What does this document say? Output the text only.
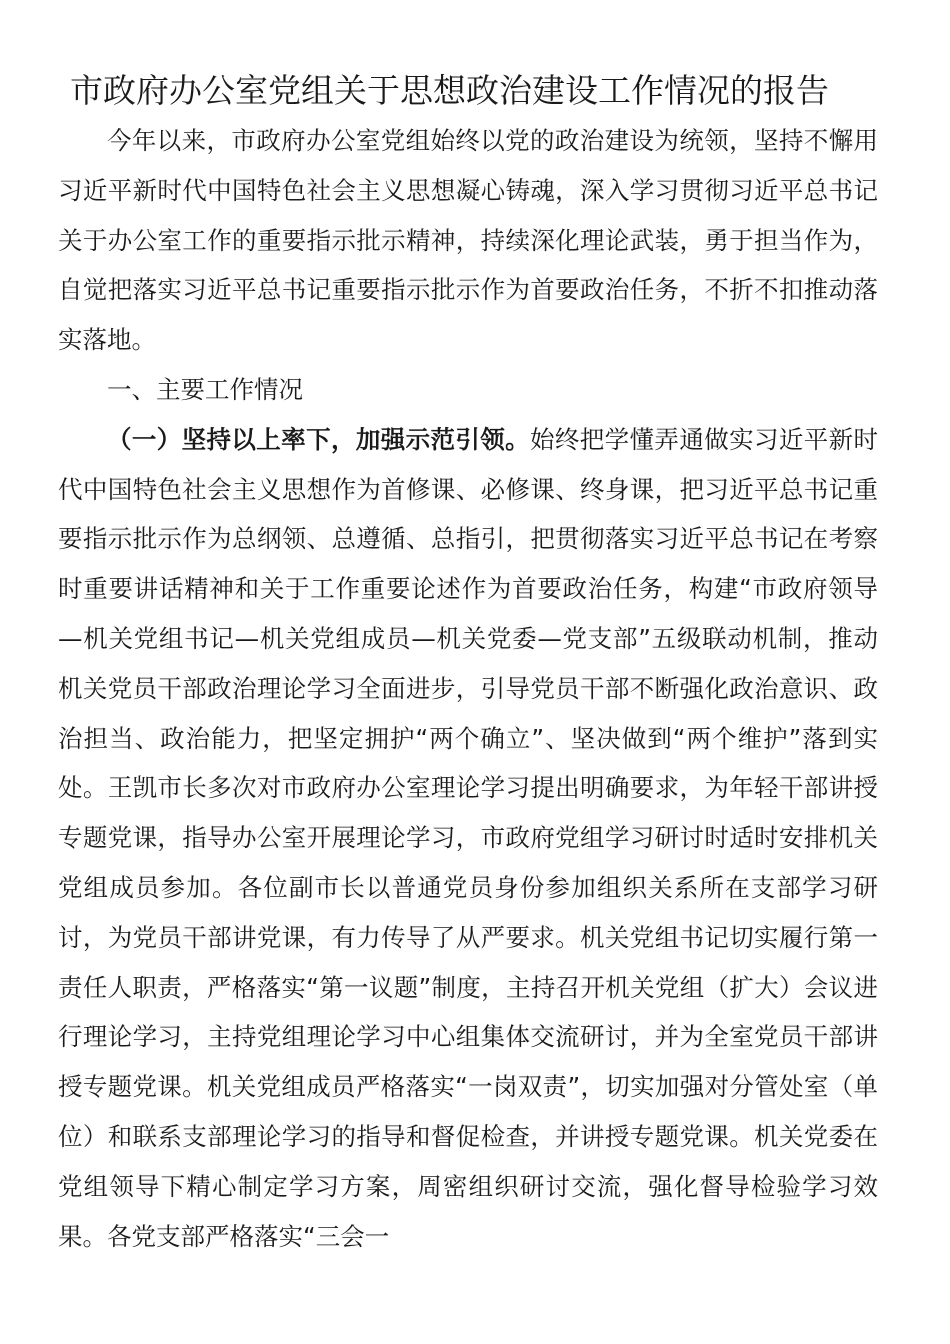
市政府办公室党组关于思想政治建设工作情况的报告

今年以来，市政府办公室党组始终以党的政治建设为统领，坚持不懈用习近平新时代中国特色社会主义思想凝心铸魂，深入学习贯彻习近平总书记关于办公室工作的重要指示批示精神，持续深化理论武装，勇于担当作为，自觉把落实习近平总书记重要指示批示作为首要政治任务，不折不扣推动落实落地。

一、主要工作情况

（一）坚持以上率下，加强示范引领。始终把学懂弄通做实习近平新时代中国特色社会主义思想作为首修课、必修课、终身课，把习近平总书记重要指示批示作为总纲领、总遵循、总指引，把贯彻落实习近平总书记在考察时重要讲话精神和关于工作重要论述作为首要政治任务，构建“市政府领导—机关党组书记—机关党组成员—机关党委—党支部”五级联动机制，推动机关党员干部政治理论学习全面进步，引导党员干部不断强化政治意识、政治担当、政治能力，把坚定拥护“两个确立”、坚决做到“两个维护”落到实处。王凯市长多次对市政府办公室理论学习提出明确要求，为年轻干部讲授专题党课，指导办公室开展理论学习，市政府党组学习研讨时适时安排机关党组成员参加。各位副市长以普通党员身份参加组织关系所在支部学习研讨，为党员干部讲党课，有力传导了从严要求。机关党组书记切实履行第一责任人职责，严格落实“第一议题”制度，主持召开机关党组（扩大）会议进行理论学习，主持党组理论学习中心组集体交流研讨，并为全室党员干部讲授专题党课。机关党组成员严格落实“一岗双责”，切实加强对分管处室（单位）和联系支部理论学习的指导和督促检查，并讲授专题党课。机关党委在党组领导下精心制定学习方案，周密组织研讨交流，强化督导检验学习效果。各党支部严格落实“三会一
